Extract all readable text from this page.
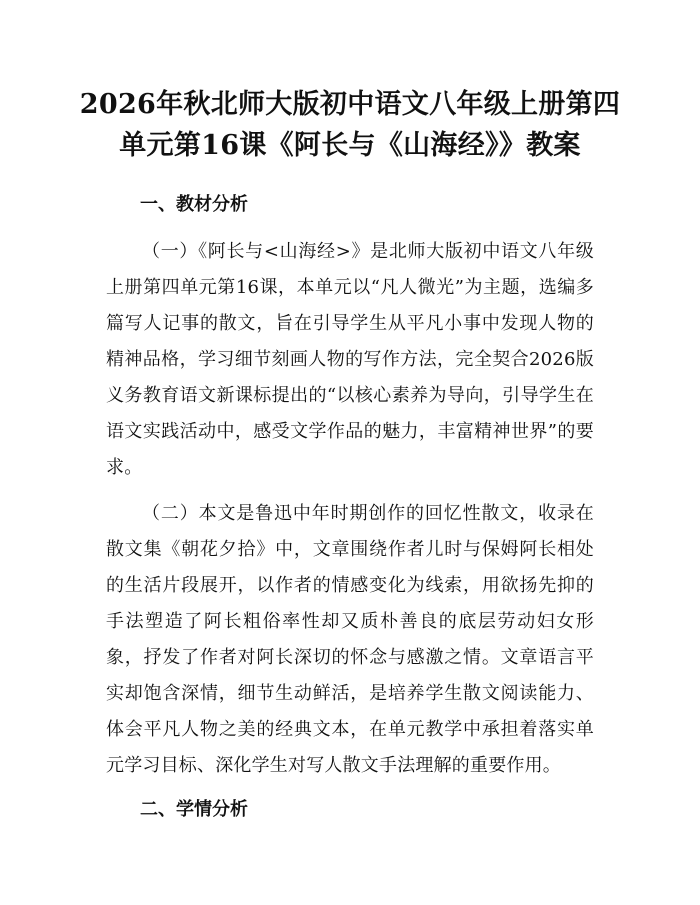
2026年秋北师大版初中语文八年级上册第四
单元第16课《阿长与《山海经》》教案
一、教材分析

（一）《阿长与<山海经>》是北师大版初中语文八年级上册第四单元第16课，本单元以“凡人微光”为主题，选编多篇写人记事的散文，旨在引导学生从平凡小事中发现人物的精神品格，学习细节刻画人物的写作方法，完全契合2026版义务教育语文新课标提出的“以核心素养为导向，引导学生在语文实践活动中，感受文学作品的魅力，丰富精神世界”的要求。

（二）本文是鲁迅中年时期创作的回忆性散文，收录在散文集《朝花夕拾》中，文章围绕作者儿时与保姆阿长相处的生活片段展开，以作者的情感变化为线索，用欲扬先抑的手法塑造了阿长粗俗率性却又质朴善良的底层劳动妇女形象，抒发了作者对阿长深切的怀念与感激之情。文章语言平实却饱含深情，细节生动鲜活，是培养学生散文阅读能力、体会平凡人物之美的经典文本，在单元教学中承担着落实单元学习目标、深化学生对写人散文手法理解的重要作用。

二、学情分析
